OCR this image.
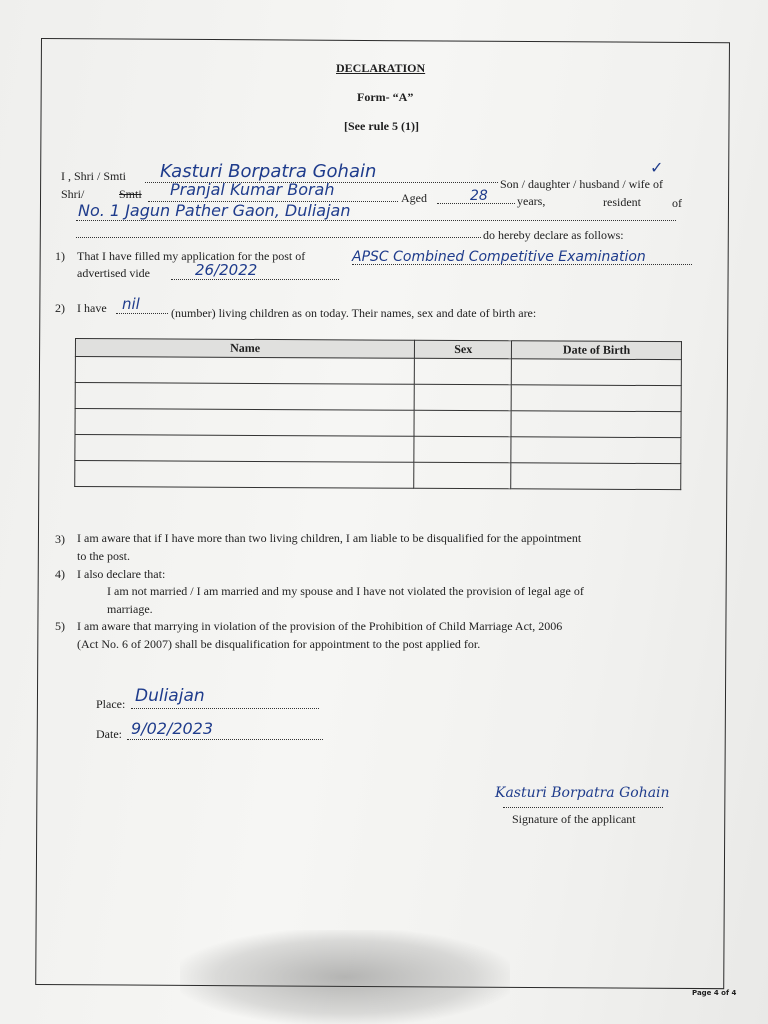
DECLARATION
Form- “A”
[See rule 5 (1)]
I , Shri / Smti Kasturi Borpatra Gohain
Son / daughter / husband / wife of
✓
Shri/	Smti Pranjal Kumar Borah	Aged	28 years,	resident	of
No. 1 Jagun Pather Gaon, Duliajan
do hereby declare as follows:
1) That I have filled my application for the post of	APSC Combined Competitive Examination
advertised vide	26/2022
2) I have nil	(number) living children as on today. Their names, sex and date of birth are:
Name	Sex	Date of Birth

3) I am aware that if I have more than two living children, I am liable to be disqualified for the appointment
to the post.
4) I also declare that:
I am not married / I am married and my spouse and I have not violated the provision of legal age of
marriage.
5) I am aware that marrying in violation of the provision of the Prohibition of Child Marriage Act, 2006
(Act No. 6 of 2007) shall be disqualification for appointment to the post applied for.
Place: Duliajan
Date: 9/02/2023
Kasturi Borpatra Gohain
Signature of the applicant
Page 4 of 4
